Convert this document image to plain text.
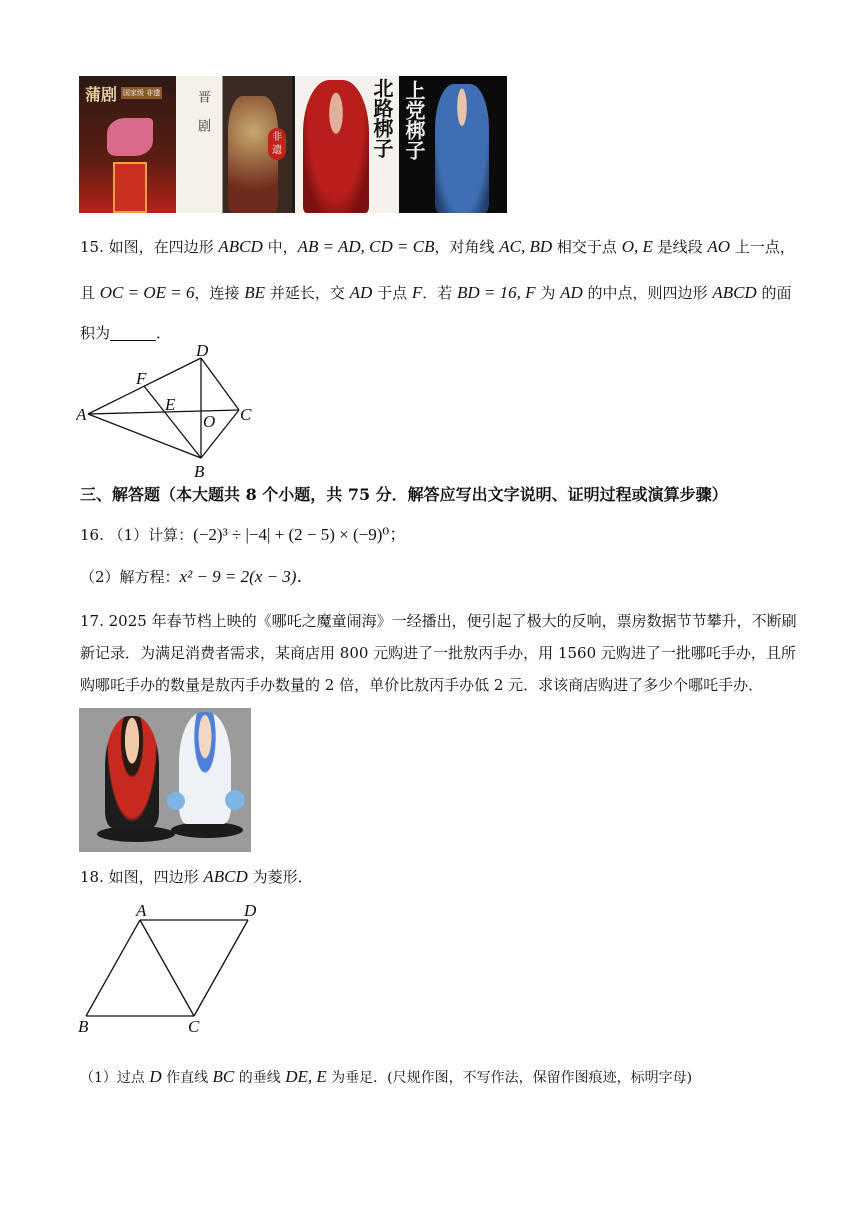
蒲剧 国家级 非遗	晋剧	非遗	北路梆子 上党梆子
15. 如图，在四边形 ABCD 中，AB = AD, CD = CB，对角线 AC, BD 相交于点 O, E 是线段 AO 上一点，
且 OC = OE = 6，连接 BE 并延长，交 AD 于点 F．若 BD = 16, F 为 AD 的中点，则四边形 ABCD 的面
积为	．
D
F
A
E
O C
B
三、解答题（本大题共 8 个小题，共 75 分．解答应写出文字说明、证明过程或演算步骤）
16. （1）计算：(−2)³ ÷ |−4| + (2 − 5) × (−9)⁰；
（2）解方程：x² − 9 = 2(x − 3)．
17. 2025 年春节档上映的《哪吒之魔童闹海》一经播出，便引起了极大的反响，票房数据节节攀升，不断刷
新记录．为满足消费者需求，某商店用 800 元购进了一批敖丙手办，用 1560 元购进了一批哪吒手办，且所
购哪吒手办的数量是敖丙手办数量的 2 倍，单价比敖丙手办低 2 元．求该商店购进了多少个哪吒手办．
18. 如图，四边形 ABCD 为菱形．
A	D
B	C
（1）过点 D 作直线 BC 的垂线 DE, E 为垂足．(尺规作图，不写作法，保留作图痕迹，标明字母)
